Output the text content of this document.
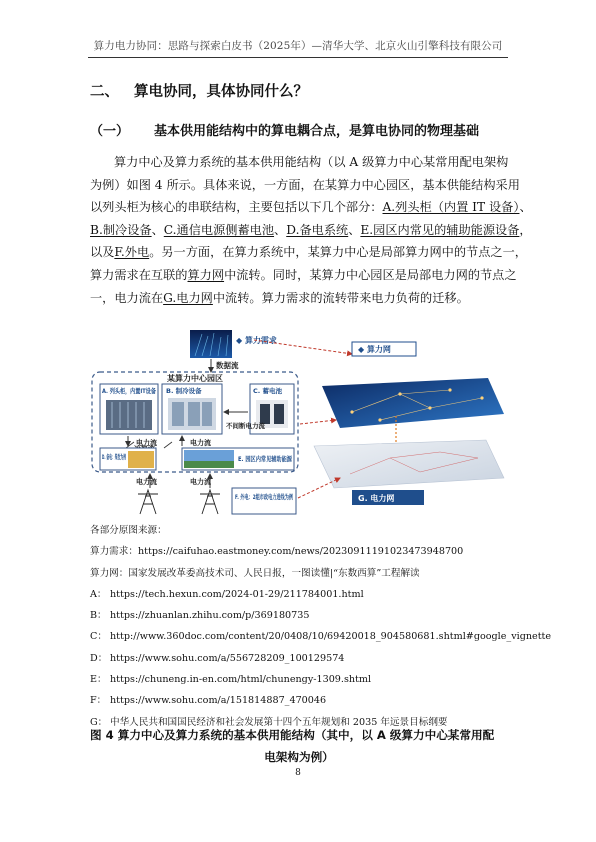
算力电力协同：思路与探索白皮书（2025年）—清华大学、北京火山引擎科技有限公司
二、 算电协同，具体协同什么？
（一） 基本供用能结构中的算电耦合点，是算电协同的物理基础
算力中心及算力系统的基本供用能结构（以 A 级算力中心某常用配电架构
为例）如图 4 所示。具体来说，一方面，在某算力中心园区，基本供能结构采用
以列头柜为核心的串联结构，主要包括以下几个部分：A.列头柜（内置 IT 设备）、
B.制冷设备、C.通信电源侧蓄电池、D.备电系统、E.园区内常见的辅助能源设备，
以及F.外电。另一方面，在算力系统中，某算力中心是局部算力网中的节点之一，
算力需求在互联的算力网中流转。同时，某算力中心园区是局部电力网的节点之
一，电力流在G.电力网中流转。算力需求的流转带来电力负荷的迁移。
◆ 算力需求
数据流
某算力中心园区
A. 列头柜，内置IT设备
B. 制冷设备	C. 蓄电池
不间断电力流
电力流	电力流
E. 园区内常见辅助能源
电力流	电力流
F. 外电：2组市政电力进线为例
◆ 算力网
G. 电力网
各部分原图来源：
算力需求：https://caifuhao.eastmoney.com/news/20230911191023473948700
算力网：国家发展改革委高技术司、人民日报，一图读懂|“东数西算”工程解读
A： https://tech.hexun.com/2024-01-29/211784001.html
B： https://zhuanlan.zhihu.com/p/369180735
C： http://www.360doc.com/content/20/0408/10/69420018_904580681.shtml#google_vignette
D： https://www.sohu.com/a/556728209_100129574
E： https://chuneng.in-en.com/html/chunengy-1309.shtml
F： https://www.sohu.com/a/151814887_470046
G： 中华人民共和国国民经济和社会发展第十四个五年规划和 2035 年远景目标纲要
图 4 算力中心及算力系统的基本供用能结构（其中，以 A 级算力中心某常用配
电架构为例）
8
